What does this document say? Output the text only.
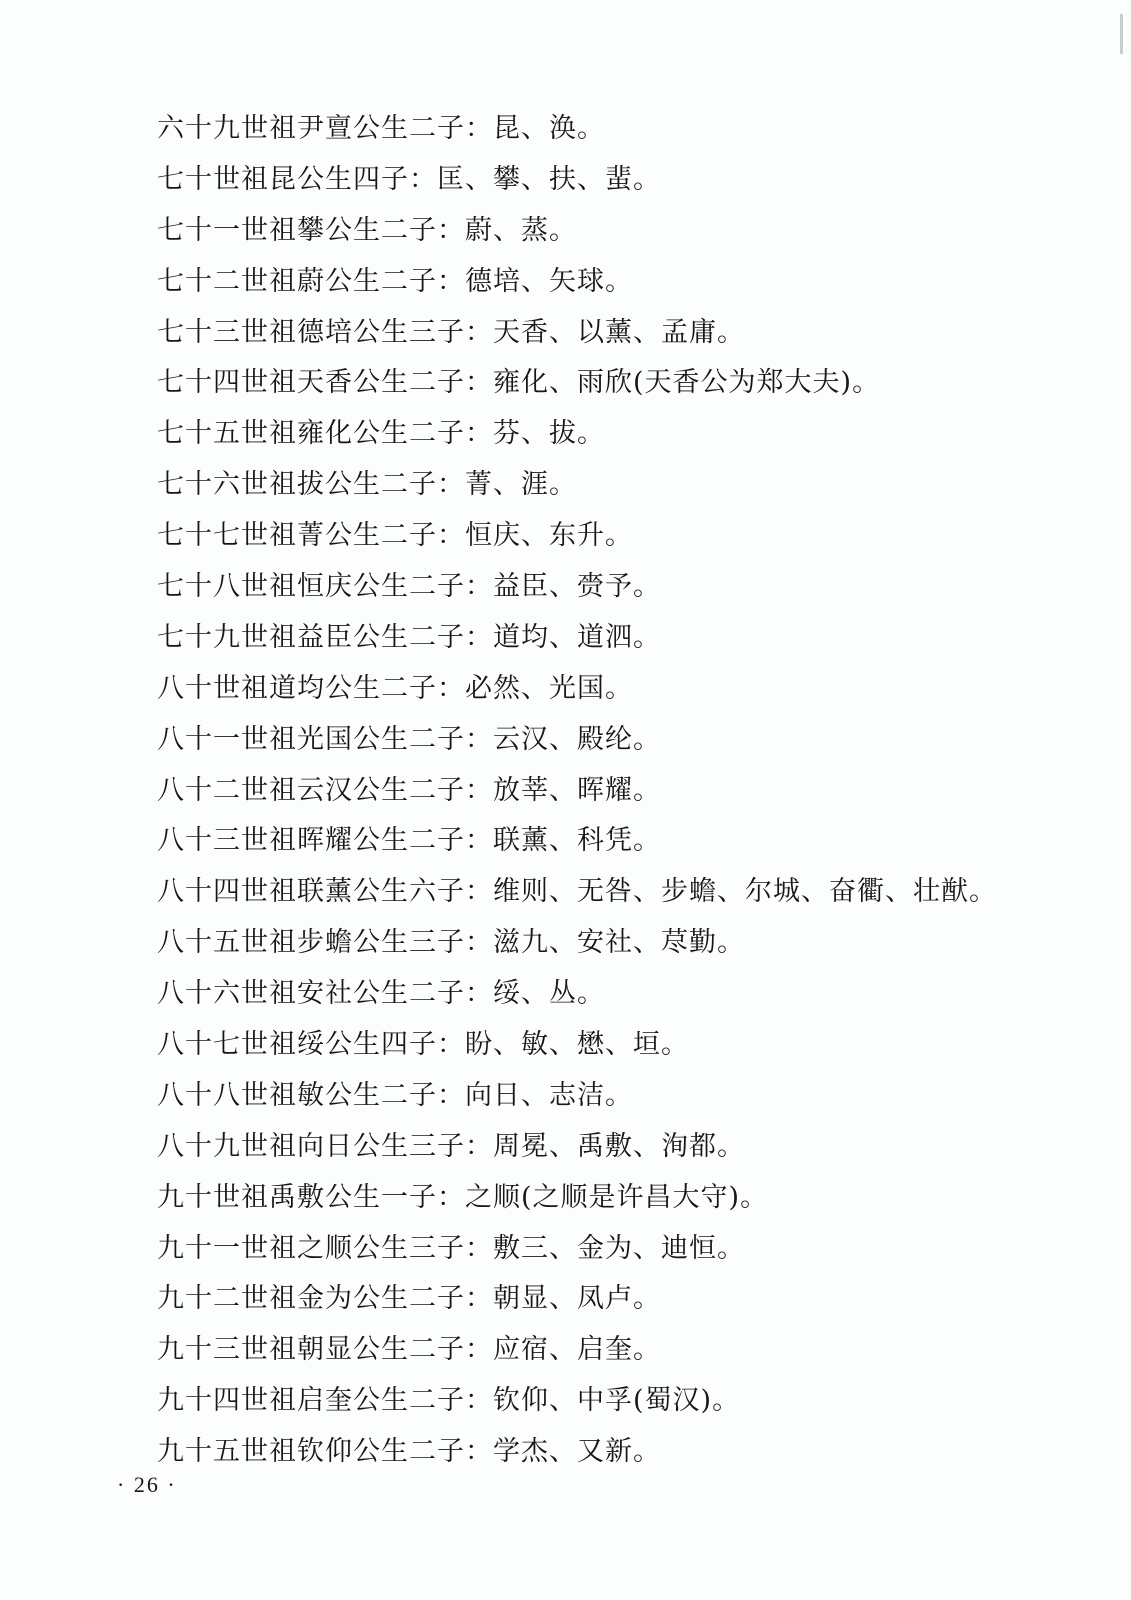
六十九世祖尹亶公生二子：昆、涣。
七十世祖昆公生四子：匡、攀、扶、蜚。
七十一世祖攀公生二子：蔚、蒸。
七十二世祖蔚公生二子：德培、矢球。
七十三世祖德培公生三子：天香、以薰、孟庸。
七十四世祖天香公生二子：雍化、雨欣(天香公为郑大夫)。
七十五世祖雍化公生二子：芬、拔。
七十六世祖拔公生二子：菁、涯。
七十七世祖菁公生二子：恒庆、东升。
七十八世祖恒庆公生二子：益臣、赍予。
七十九世祖益臣公生二子：道均、道泗。
八十世祖道均公生二子：必然、光国。
八十一世祖光国公生二子：云汉、殿纶。
八十二世祖云汉公生二子：放莘、晖耀。
八十三世祖晖耀公生二子：联薰、科凭。
八十四世祖联薰公生六子：维则、无咎、步蟾、尔城、奋衢、壮猷。
八十五世祖步蟾公生三子：滋九、安社、荩勤。
八十六世祖安社公生二子：绥、丛。
八十七世祖绥公生四子：盼、敏、懋、垣。
八十八世祖敏公生二子：向日、志洁。
八十九世祖向日公生三子：周冕、禹敷、洵都。
九十世祖禹敷公生一子：之顺(之顺是许昌大守)。
九十一世祖之顺公生三子：敷三、金为、迪恒。
九十二世祖金为公生二子：朝显、凤卢。
九十三世祖朝显公生二子：应宿、启奎。
九十四世祖启奎公生二子：钦仰、中孚(蜀汉)。
九十五世祖钦仰公生二子：学杰、又新。
· 26 ·
